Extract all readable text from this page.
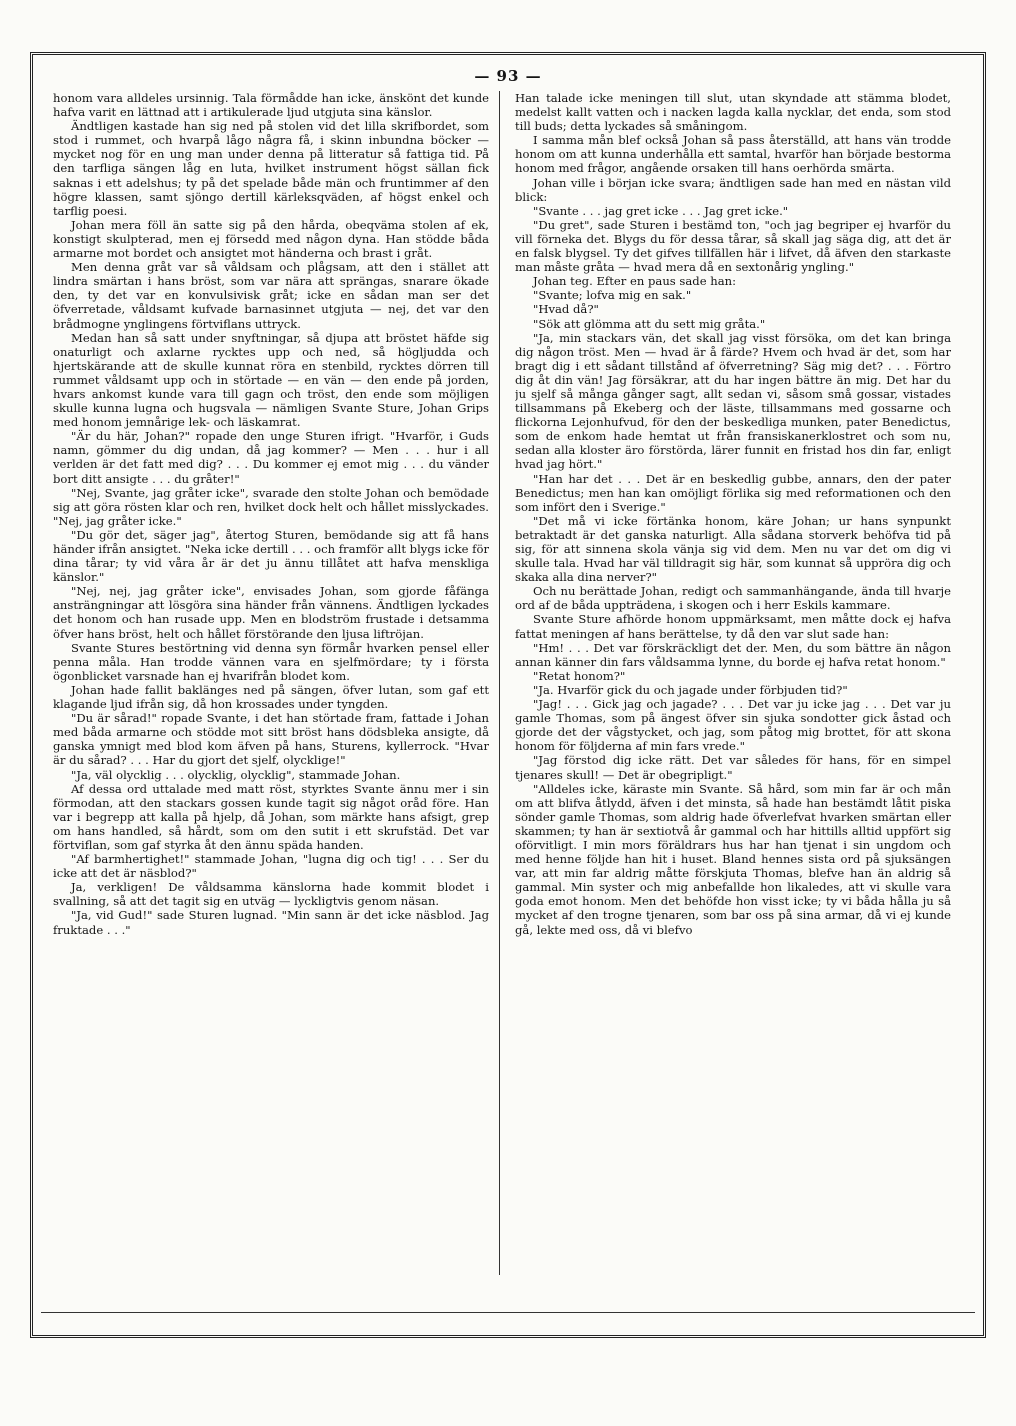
— 93 —

honom vara alldeles ursinnig. Tala förmådde han icke, änskönt det kunde hafva varit en lättnad att i artikulerade ljud utgjuta sina känslor.

Ändtligen kastade han sig ned på stolen vid det lilla skrifbordet, som stod i rummet, och hvarpå lågo några få, i skinn inbundna böcker — mycket nog för en ung man under denna på litteratur så fattiga tid. På den tarfliga sängen låg en luta, hvilket instrument högst sällan fick saknas i ett adelshus; ty på det spelade både män och fruntimmer af den högre klassen, samt sjöngo dertill kärleksqväden, af högst enkel och tarflig poesi.

Johan mera föll än satte sig på den hårda, obeqväma stolen af ek, konstigt skulpterad, men ej försedd med någon dyna. Han stödde båda armarne mot bordet och ansigtet mot händerna och brast i gråt.

Men denna gråt var så våldsam och plågsam, att den i stället att lindra smärtan i hans bröst, som var nära att sprängas, snarare ökade den, ty det var en konvulsivisk gråt; icke en sådan man ser det öfverretade, våldsamt kufvade barnasinnet utgjuta — nej, det var den brådmogne ynglingens förtviflans uttryck.

Medan han så satt under snyftningar, så djupa att bröstet häfde sig onaturligt och axlarne rycktes upp och ned, så högljudda och hjertskärande att de skulle kunnat röra en stenbild, rycktes dörren till rummet våldsamt upp och in störtade — en vän — den ende på jorden, hvars ankomst kunde vara till gagn och tröst, den ende som möjligen skulle kunna lugna och hugsvala — nämligen Svante Sture, Johan Grips med honom jemnårige lek- och läskamrat.

"Är du här, Johan?" ropade den unge Sturen ifrigt. "Hvarför, i Guds namn, gömmer du dig undan, då jag kommer? — Men . . . hur i all verlden är det fatt med dig? . . . Du kommer ej emot mig . . . du vänder bort ditt ansigte . . . du gråter!"

"Nej, Svante, jag gråter icke", svarade den stolte Johan och bemödade sig att göra rösten klar och ren, hvilket dock helt och hållet misslyckades. "Nej, jag gråter icke."

"Du gör det, säger jag", återtog Sturen, bemödande sig att få hans händer ifrån ansigtet. "Neka icke dertill . . . och framför allt blygs icke för dina tårar; ty vid våra år är det ju ännu tillåtet att hafva menskliga känslor."

"Nej, nej, jag gråter icke", envisades Johan, som gjorde fåfänga ansträngningar att lösgöra sina händer från vännens. Ändtligen lyckades det honom och han rusade upp. Men en blodström frustade i detsamma öfver hans bröst, helt och hållet förstörande den ljusa liftröjan.

Svante Stures bestörtning vid denna syn förmår hvarken pensel eller penna måla. Han trodde vännen vara en sjelfmördare; ty i första ögonblicket varsnade han ej hvarifrån blodet kom.

Johan hade fallit baklänges ned på sängen, öfver lutan, som gaf ett klagande ljud ifrån sig, då hon krossades under tyngden.

"Du är sårad!" ropade Svante, i det han störtade fram, fattade i Johan med båda armarne och stödde mot sitt bröst hans dödsbleka ansigte, då ganska ymnigt med blod kom äfven på hans, Sturens, kyllerrock. "Hvar är du sårad? . . . Har du gjort det sjelf, olycklige!"

"Ja, väl olycklig . . . olycklig, olycklig", stammade Johan.

Af dessa ord uttalade med matt röst, styrktes Svante ännu mer i sin förmodan, att den stackars gossen kunde tagit sig något oråd före. Han var i begrepp att kalla på hjelp, då Johan, som märkte hans afsigt, grep om hans handled, så hårdt, som om den sutit i ett skrufstäd. Det var förtviflan, som gaf styrka åt den ännu späda handen.

"Af barmhertighet!" stammade Johan, "lugna dig och tig! . . . Ser du icke att det är näsblod?"

Ja, verkligen! De våldsamma känslorna hade kommit blodet i svallning, så att det tagit sig en utväg — lyckligtvis genom näsan.

"Ja, vid Gud!" sade Sturen lugnad. "Min sann är det icke näsblod. Jag fruktade . . ."

Han talade icke meningen till slut, utan skyndade att stämma blodet, medelst kallt vatten och i nacken lagda kalla nycklar, det enda, som stod till buds; detta lyckades så småningom.

I samma mån blef också Johan så pass återställd, att hans vän trodde honom om att kunna underhålla ett samtal, hvarför han började bestorma honom med frågor, angående orsaken till hans oerhörda smärta.

Johan ville i början icke svara; ändtligen sade han med en nästan vild blick:

"Svante . . . jag gret icke . . . Jag gret icke."

"Du gret", sade Sturen i bestämd ton, "och jag begriper ej hvarför du vill förneka det. Blygs du för dessa tårar, så skall jag säga dig, att det är en falsk blygsel. Ty det gifves tillfällen här i lifvet, då äfven den starkaste man måste gråta — hvad mera då en sextonårig yngling."

Johan teg. Efter en paus sade han:

"Svante; lofva mig en sak."

"Hvad då?"

"Sök att glömma att du sett mig gråta."

"Ja, min stackars vän, det skall jag visst försöka, om det kan bringa dig någon tröst. Men — hvad är å färde? Hvem och hvad är det, som har bragt dig i ett sådant tillstånd af öfverretning? Säg mig det? . . . Förtro dig åt din vän! Jag försäkrar, att du har ingen bättre än mig. Det har du ju sjelf så många gånger sagt, allt sedan vi, såsom små gossar, vistades tillsammans på Ekeberg och der läste, tillsammans med gossarne och flickorna Lejonhufvud, för den der beskedliga munken, pater Benedictus, som de enkom hade hemtat ut från fransiskanerklostret och som nu, sedan alla kloster äro förstörda, lärer funnit en fristad hos din far, enligt hvad jag hört."

"Han har det . . . Det är en beskedlig gubbe, annars, den der pater Benedictus; men han kan omöjligt förlika sig med reformationen och den som infört den i Sverige."

"Det må vi icke förtänka honom, käre Johan; ur hans synpunkt betraktadt är det ganska naturligt. Alla sådana storverk behöfva tid på sig, för att sinnena skola vänja sig vid dem. Men nu var det om dig vi skulle tala. Hvad har väl tilldragit sig här, som kunnat så uppröra dig och skaka alla dina nerver?"

Och nu berättade Johan, redigt och sammanhängande, ända till hvarje ord af de båda uppträdena, i skogen och i herr Eskils kammare.

Svante Sture afhörde honom uppmärksamt, men måtte dock ej hafva fattat meningen af hans berättelse, ty då den var slut sade han:

"Hm! . . . Det var förskräckligt det der. Men, du som bättre än någon annan känner din fars våldsamma lynne, du borde ej hafva retat honom."

"Retat honom?"

"Ja. Hvarför gick du och jagade under förbjuden tid?"

"Jag! . . . Gick jag och jagade? . . . Det var ju icke jag . . . Det var ju gamle Thomas, som på ängest öfver sin sjuka sondotter gick åstad och gjorde det der vågstycket, och jag, som påtog mig brottet, för att skona honom för följderna af min fars vrede."

"Jag förstod dig icke rätt. Det var således för hans, för en simpel tjenares skull! — Det är obegripligt."

"Alldeles icke, käraste min Svante. Så hård, som min far är och mån om att blifva åtlydd, äfven i det minsta, så hade han bestämdt låtit piska sönder gamle Thomas, som aldrig hade öfverlefvat hvarken smärtan eller skammen; ty han är sextiotvå år gammal och har hittills alltid uppfört sig oförvitligt. I min mors föräldrars hus har han tjenat i sin ungdom och med henne följde han hit i huset. Bland hennes sista ord på sjuksängen var, att min far aldrig måtte förskjuta Thomas, blefve han än aldrig så gammal. Min syster och mig anbefallde hon likaledes, att vi skulle vara goda emot honom. Men det behöfde hon visst icke; ty vi båda hålla ju så mycket af den trogne tjenaren, som bar oss på sina armar, då vi ej kunde gå, lekte med oss, då vi blefvo
